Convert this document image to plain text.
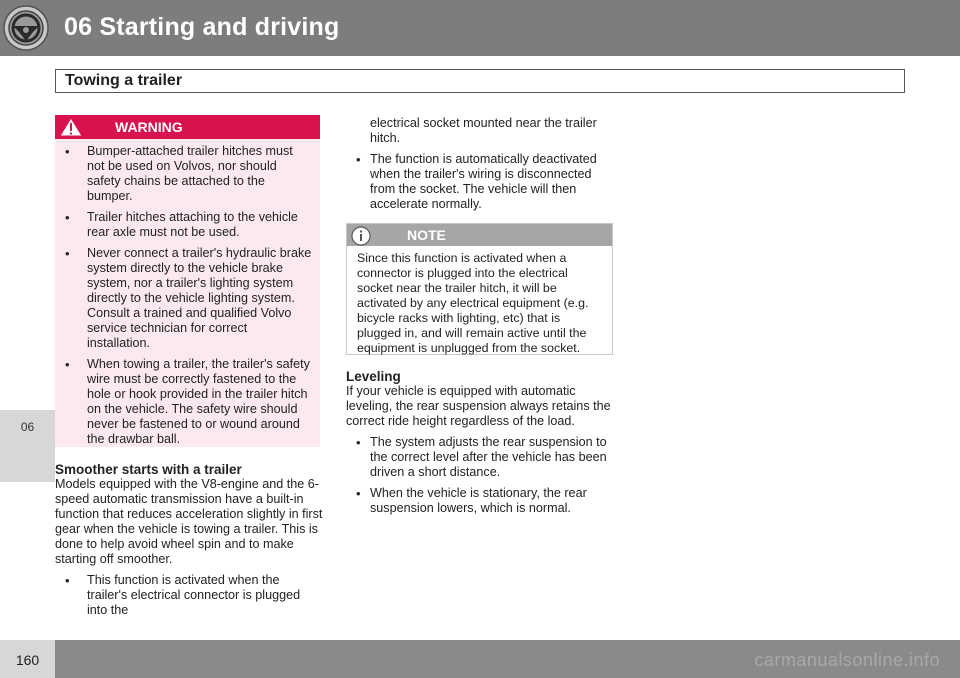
06 Starting and driving
Towing a trailer
06
WARNING
• Bumper-attached trailer hitches must not be used on Volvos, nor should safety chains be attached to the bumper.
• Trailer hitches attaching to the vehicle rear axle must not be used.
• Never connect a trailer's hydraulic brake system directly to the vehicle brake system, nor a trailer's lighting system directly to the vehicle lighting system. Consult a trained and qualified Volvo service technician for correct installation.
• When towing a trailer, the trailer's safety wire must be correctly fastened to the hole or hook provided in the trailer hitch on the vehicle. The safety wire should never be fastened to or wound around the drawbar ball.
Smoother starts with a trailer
Models equipped with the V8-engine and the 6-speed automatic transmission have a built-in function that reduces acceleration slightly in first gear when the vehicle is towing a trailer. This is done to help avoid wheel spin and to make starting off smoother.
• This function is activated when the trailer's electrical connector is plugged into the
electrical socket mounted near the trailer hitch.
• The function is automatically deactivated when the trailer's wiring is disconnected from the socket. The vehicle will then accelerate normally.
NOTE
Since this function is activated when a connector is plugged into the electrical socket near the trailer hitch, it will be activated by any electrical equipment (e.g. bicycle racks with lighting, etc) that is plugged in, and will remain active until the equipment is unplugged from the socket.
Leveling
If your vehicle is equipped with automatic leveling, the rear suspension always retains the correct ride height regardless of the load.
• The system adjusts the rear suspension to the correct level after the vehicle has been driven a short distance.
• When the vehicle is stationary, the rear suspension lowers, which is normal.
160	carmanualsonline.info
